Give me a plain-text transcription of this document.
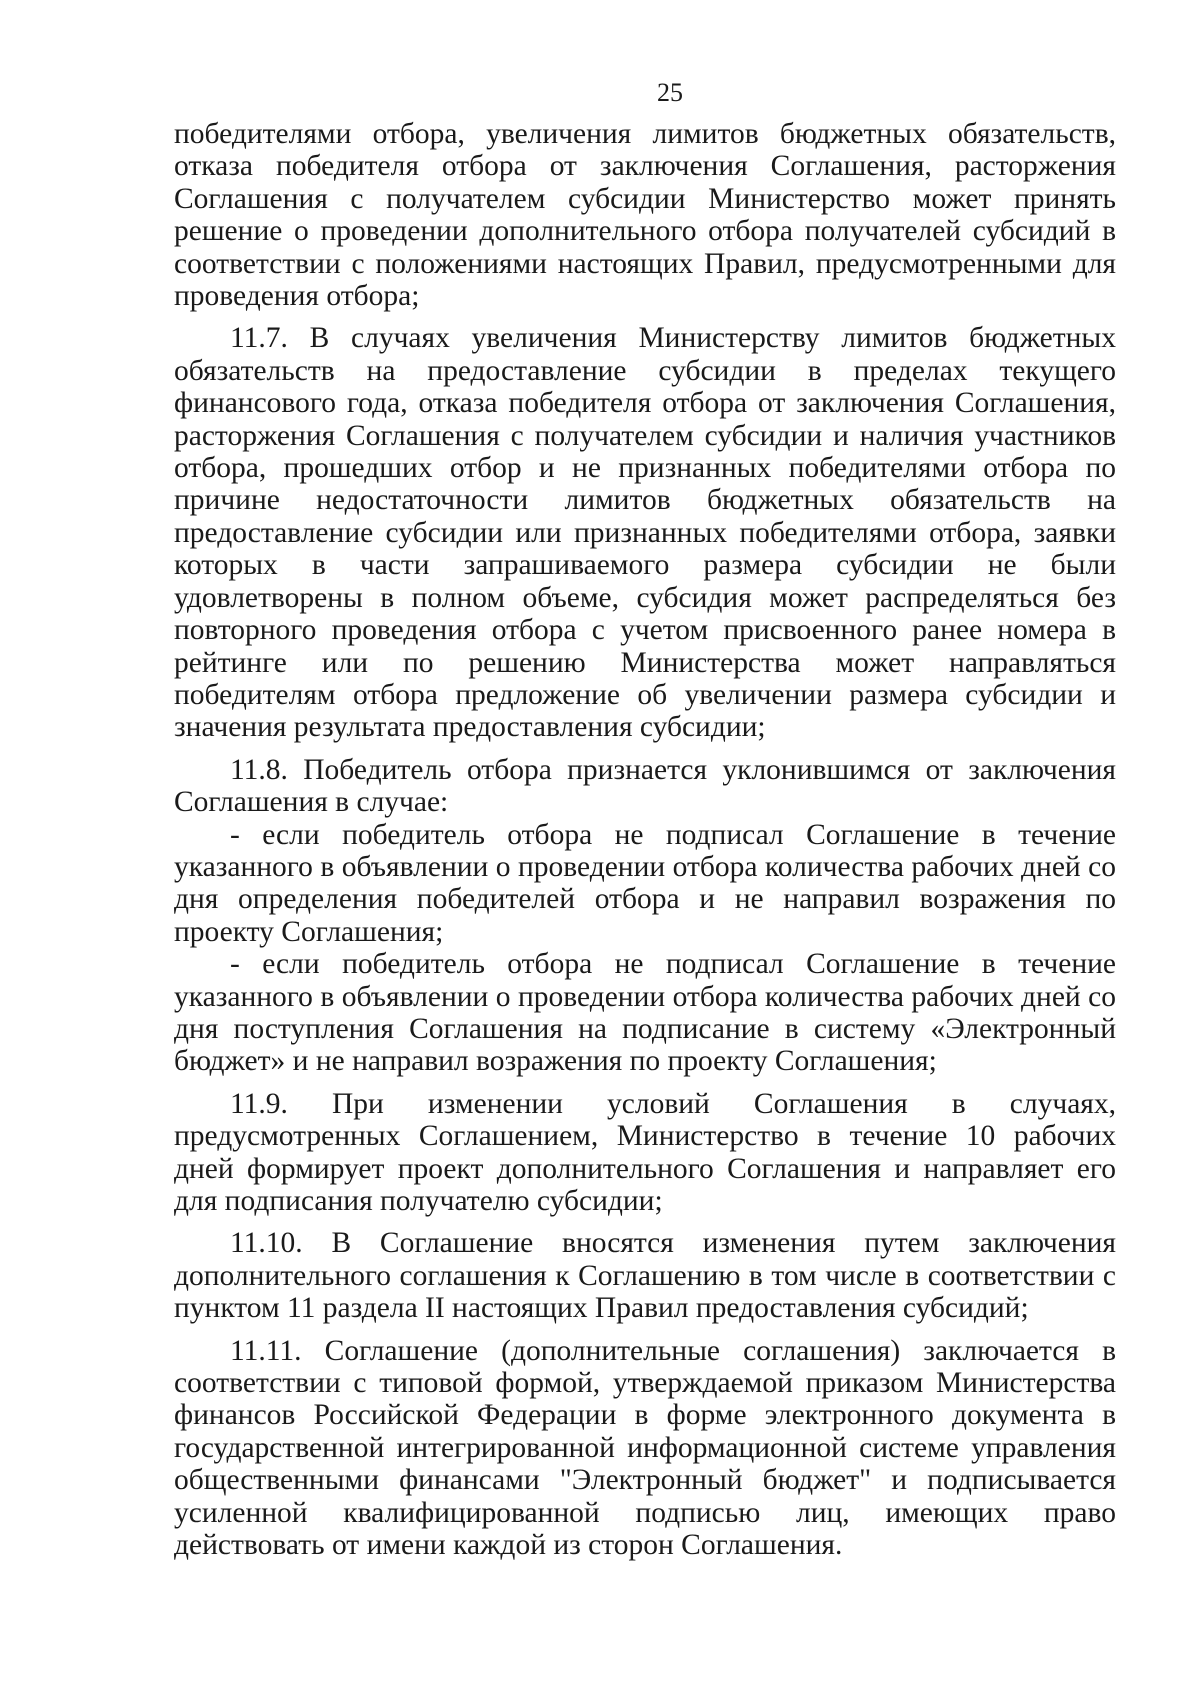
25

победителями отбора, увеличения лимитов бюджетных обязательств, отказа победителя отбора от заключения Соглашения, расторжения Соглашения с получателем субсидии Министерство может принять решение о проведении дополнительного отбора получателей субсидий в соответствии с положениями настоящих Правил, предусмотренными для проведения отбора;

11.7. В случаях увеличения Министерству лимитов бюджетных обязательств на предоставление субсидии в пределах текущего финансового года, отказа победителя отбора от заключения Соглашения, расторжения Соглашения с получателем субсидии и наличия участников отбора, прошедших отбор и не признанных победителями отбора по причине недостаточности лимитов бюджетных обязательств на предоставление субсидии или признанных победителями отбора, заявки которых в части запрашиваемого размера субсидии не были удовлетворены в полном объеме, субсидия может распределяться без повторного проведения отбора с учетом присвоенного ранее номера в рейтинге или по решению Министерства может направляться победителям отбора предложение об увеличении размера субсидии и значения результата предоставления субсидии;

11.8. Победитель отбора признается уклонившимся от заключения Соглашения в случае:

- если победитель отбора не подписал Соглашение в течение указанного в объявлении о проведении отбора количества рабочих дней со дня определения победителей отбора и не направил возражения по проекту Соглашения;

- если победитель отбора не подписал Соглашение в течение указанного в объявлении о проведении отбора количества рабочих дней со дня поступления Соглашения на подписание в систему «Электронный бюджет» и не направил возражения по проекту Соглашения;

11.9. При изменении условий Соглашения в случаях, предусмотренных Соглашением, Министерство в течение 10 рабочих дней формирует проект дополнительного Соглашения и направляет его для подписания получателю субсидии;

11.10. В Соглашение вносятся изменения путем заключения дополнительного соглашения к Соглашению в том числе в соответствии с пунктом 11 раздела II настоящих Правил предоставления субсидий;

11.11. Соглашение (дополнительные соглашения) заключается в соответствии с типовой формой, утверждаемой приказом Министерства финансов Российской Федерации в форме электронного документа в государственной интегрированной информационной системе управления общественными финансами "Электронный бюджет" и подписывается усиленной квалифицированной подписью лиц, имеющих право действовать от имени каждой из сторон Соглашения.
